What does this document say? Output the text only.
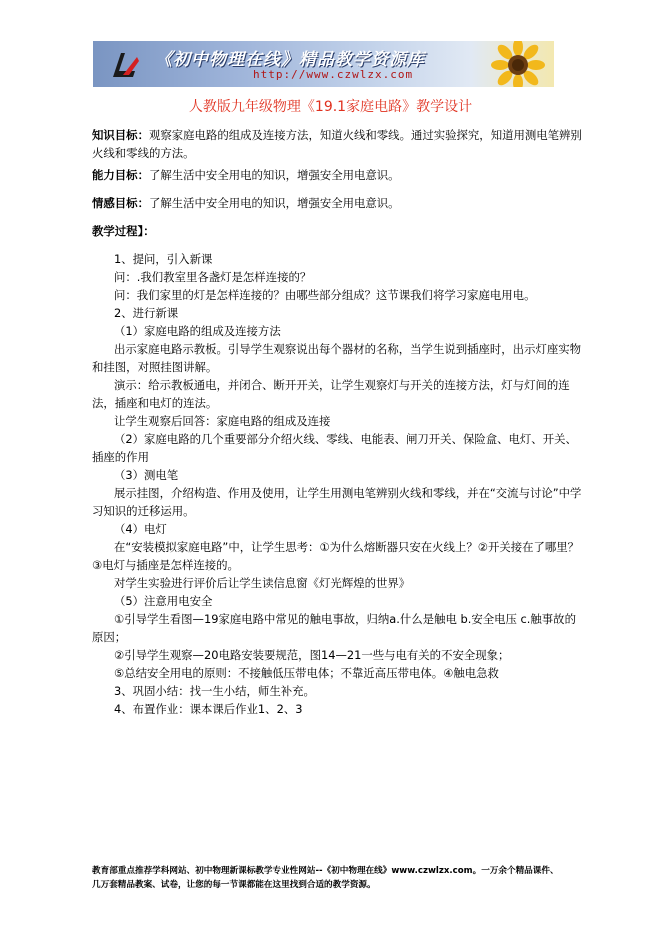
《初中物理在线》精品教学资源库
http://www.czwlzx.com
人教版九年级物理《19.1家庭电路》教学设计

知识目标：观察家庭电路的组成及连接方法，知道火线和零线。通过实验探究，知道用测电笔辨别火线和零线的方法。

能力目标：了解生活中安全用电的知识，增强安全用电意识。

情感目标：了解生活中安全用电的知识，增强安全用电意识。

教学过程】：

1、提问，引入新课

问：.我们教室里各盏灯是怎样连接的？

问：我们家里的灯是怎样连接的？由哪些部分组成？这节课我们将学习家庭电用电。

2、进行新课

（1）家庭电路的组成及连接方法

出示家庭电路示教板。引导学生观察说出每个器材的名称，当学生说到插座时，出示灯座实物和挂图，对照挂图讲解。

演示：给示教板通电，并闭合、断开开关，让学生观察灯与开关的连接方法，灯与灯间的连法，插座和电灯的连法。

让学生观察后回答：家庭电路的组成及连接

（2）家庭电路的几个重要部分介绍火线、零线、电能表、闸刀开关、保险盒、电灯、开关、插座的作用

（3）测电笔

展示挂图，介绍构造、作用及使用，让学生用测电笔辨别火线和零线，并在“交流与讨论”中学习知识的迁移运用。

（4）电灯

在“安装模拟家庭电路”中，让学生思考：①为什么熔断器只安在火线上？②开关接在了哪里？③电灯与插座是怎样连接的。

对学生实验进行评价后让学生读信息窗《灯光辉煌的世界》

（5）注意用电安全

①引导学生看图—19家庭电路中常见的触电事故，归纳a.什么是触电 b.安全电压 c.触事故的原因；

②引导学生观察—20电路安装要规范，图14—21一些与电有关的不安全现象；

⑤总结安全用电的原则：不接触低压带电体；不靠近高压带电体。④触电急救

3、巩固小结：找一生小结，师生补充。

4、布置作业：课本课后作业1、2、3

教育部重点推荐学科网站、初中物理新课标教学专业性网站--《初中物理在线》www.czwlzx.com。一万余个精品课件、
几万套精品教案、试卷，让您的每一节课都能在这里找到合适的教学资源。
